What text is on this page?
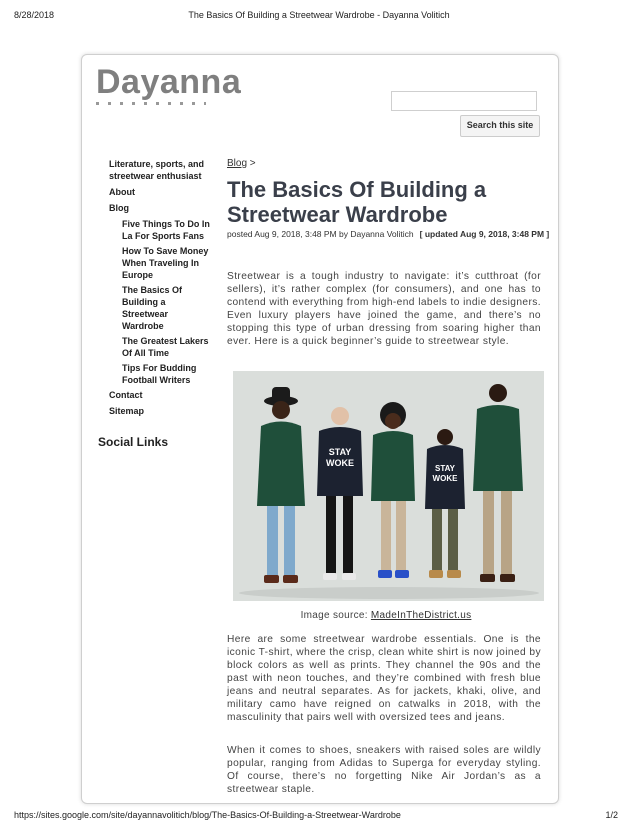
8/28/2018	The Basics Of Building a Streetwear Wardrobe - Dayanna Volitich
Dayanna
Search this site
Literature, sports, and streetwear enthusiast
About
Blog
Five Things To Do In La For Sports Fans
How To Save Money When Traveling In Europe
The Basics Of Building a Streetwear Wardrobe
The Greatest Lakers Of All Time
Tips For Budding Football Writers
Contact
Sitemap
Social Links
Blog >
The Basics Of Building a Streetwear Wardrobe
posted Aug 9, 2018, 3:48 PM by Dayanna Volitich [ updated Aug 9, 2018, 3:48 PM ]

Streetwear is a tough industry to navigate: it’s cutthroat (for sellers), it’s rather complex (for consumers), and one has to contend with everything from high-end labels to indie designers. Even luxury players have joined the game, and there’s no stopping this type of urban dressing from soaring higher than ever. Here is a quick beginner’s guide to streetwear style.

STAY
WOKE
STAY
WOKE
Image source: MadeInTheDistrict.us

Here are some streetwear wardrobe essentials. One is the iconic T-shirt, where the crisp, clean white shirt is now joined by block colors as well as prints. They channel the 90s and the past with neon touches, and they’re combined with fresh blue jeans and neutral separates. As for jackets, khaki, olive, and military camo have reigned on catwalks in 2018, with the masculinity that pairs well with oversized tees and jeans.

When it comes to shoes, sneakers with raised soles are wildly popular, ranging from Adidas to Superga for everyday styling. Of course, there’s no forgetting Nike Air Jordan’s as a streetwear staple.

https://sites.google.com/site/dayannavolitich/blog/The-Basics-Of-Building-a-Streetwear-Wardrobe	1/2
